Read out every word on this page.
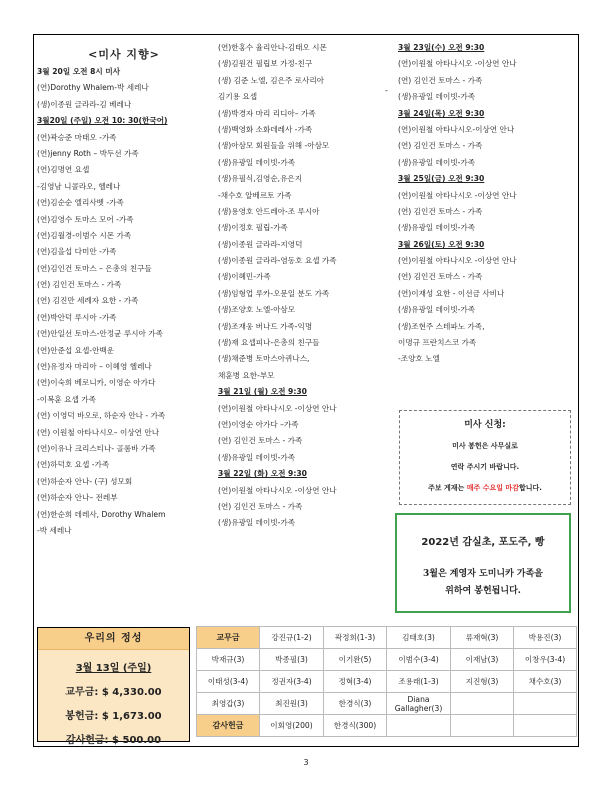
<미사 지향>
3월 20일 오전 8시 미사
(연)Dorothy Whalem-박 세레나
(생)이종원 글라라-김 베레나
3월20일 (주일) 오전 10: 30(한국어)
(연)곽승준 마태오 -가족
(연)jenny Roth – 박두선 가족
(연)김명연 요셉
-김영남 니콜라오, 헬레나
(연)김순순 엘리사벳 -가족
(연)김영수 토마스 모어 -가족
(연)김월경-이범수 시몬 가족
(연)김을섭 다미안 -가족
(연)김인건 토마스 – 은총의 친구들
(연) 김인건 토마스 - 가족
(연) 김진만 세례자 요한 - 가족
(연)박안덕 루시아 -가족
(연)안일선 토마스-안정균 루시아 가족
(연)안준섭 요셉-안백운
(연)유정자 마리아 – 이혜영 헬레나
(연)이숙희 베로니카, 이영순 아가다
-이복훈 요셉 가족
(연) 이영덕 바오로, 하순자 안나 - 가족
(연) 이원철 아타나시오– 이상연 안나
(연)이유나 크리스티나- 골롬바 가족
(연)하덕호 요셉 -가족
(연)하순자 안나- (구) 성모회
(연)하순자 안나– 전레부
(연)한순희 데레사, Dorothy Whalem
-박 세레나
(연)한홍수 율리안나-김태오 시몬
(생)김원건 필립보 가정-친구
(생) 김준 노엘, 김은주 로사리아
김기용 요셉
(생)박경자 마리 리디아– 가족
(생)백영화 소화데레사 -가족
(생)아삼모 회원들을 위해 -아삼모
(생)유광일 데이빗-가족
(생)유필식,김영순,유은지
-채수호 알베르토 가족
(생)용영호 안드레아-조 루시아
(생)이정호 필립-가족
(생)이종원 글라라-지영덕
(생)이종원 글라라-염동호 요셉 가족
(생)이혜민-가족
(생)임형업 루카-오문일 분도 가족
(생)조양호 노엘-아삼모
(생)조재웅 버나드 가족-익명
(생)재 요셉피나-은총의 친구들
(생)채준병 토마스아퀴나스,
채훈병 요한-부모
3월 21일 (월) 오전 9:30
(연)이원철 아타나시오 -이상연 안나
(연)이영순 아가다 –가족
(연) 김인건 토마스 - 가족
(생)유광일 데이빗-가족
3월 22일 (화) 오전 9:30
(연)이원철 아타나시오 -이상연 안나
(연) 김인건 토마스 - 가족
(생)유광일 데이빗-가족
-
3월 23일(수) 오전 9:30
(연)이원철 아타나시오 -이상연 안나
(연) 김인건 토마스 - 가족
(생)유광일 데이빗-가족
3월 24일(목) 오전 9:30
(연)이원철 아타나시오-이상연 안나
(연) 김인건 토마스 - 가족
(생)유광일 데이빗-가족
3월 25일(금) 오전 9:30
(연)이원철 아타나시오 -이상연 안나
(연) 김인건 토마스 - 가족
(생)유광일 데이빗-가족
3월 26일(토) 오전 9:30
(연)이원철 아타나시오 -이상연 안나
(연) 김인건 토마스 - 가족
(연)이재성 요한 - 이선금 사비나
(생)유광일 데이빗-가족
(생)조현주 스테파노 가족,
이명규 프란치스코 가족
-조양호 노엘
미사 신청:
미사 봉헌은 사무실로
연락 주시기 바랍니다.
주보 게재는 매주 수요일 마감합니다.
2022년 감실초, 포도주, 빵
3월은 계영자 도미니카 가족을
위하여 봉헌됩니다.
우리의 정성
3월 13일 (주일)
교무금: $ 4,330.00
봉헌금: $ 1,673.00
감사헌금: $ 500.00
교무금	강진규(1-2)	곽정희(1-3)	김태호(3)	류재혁(3)	박용진(3)
박재규(3)	박종필(3)	이기완(5)	이범수(3-4)	이재남(3)	이창우(3-4)
이태성(3-4)	정권자(3-4)	정혁(3-4)	조용래(1-3)	지진형(3)	채수호(3)
최영갑(3)	최진원(3)	한경식(3)	Diana Gallagher(3)		
감사헌금	이회영(200)	한경식(300)			
3
